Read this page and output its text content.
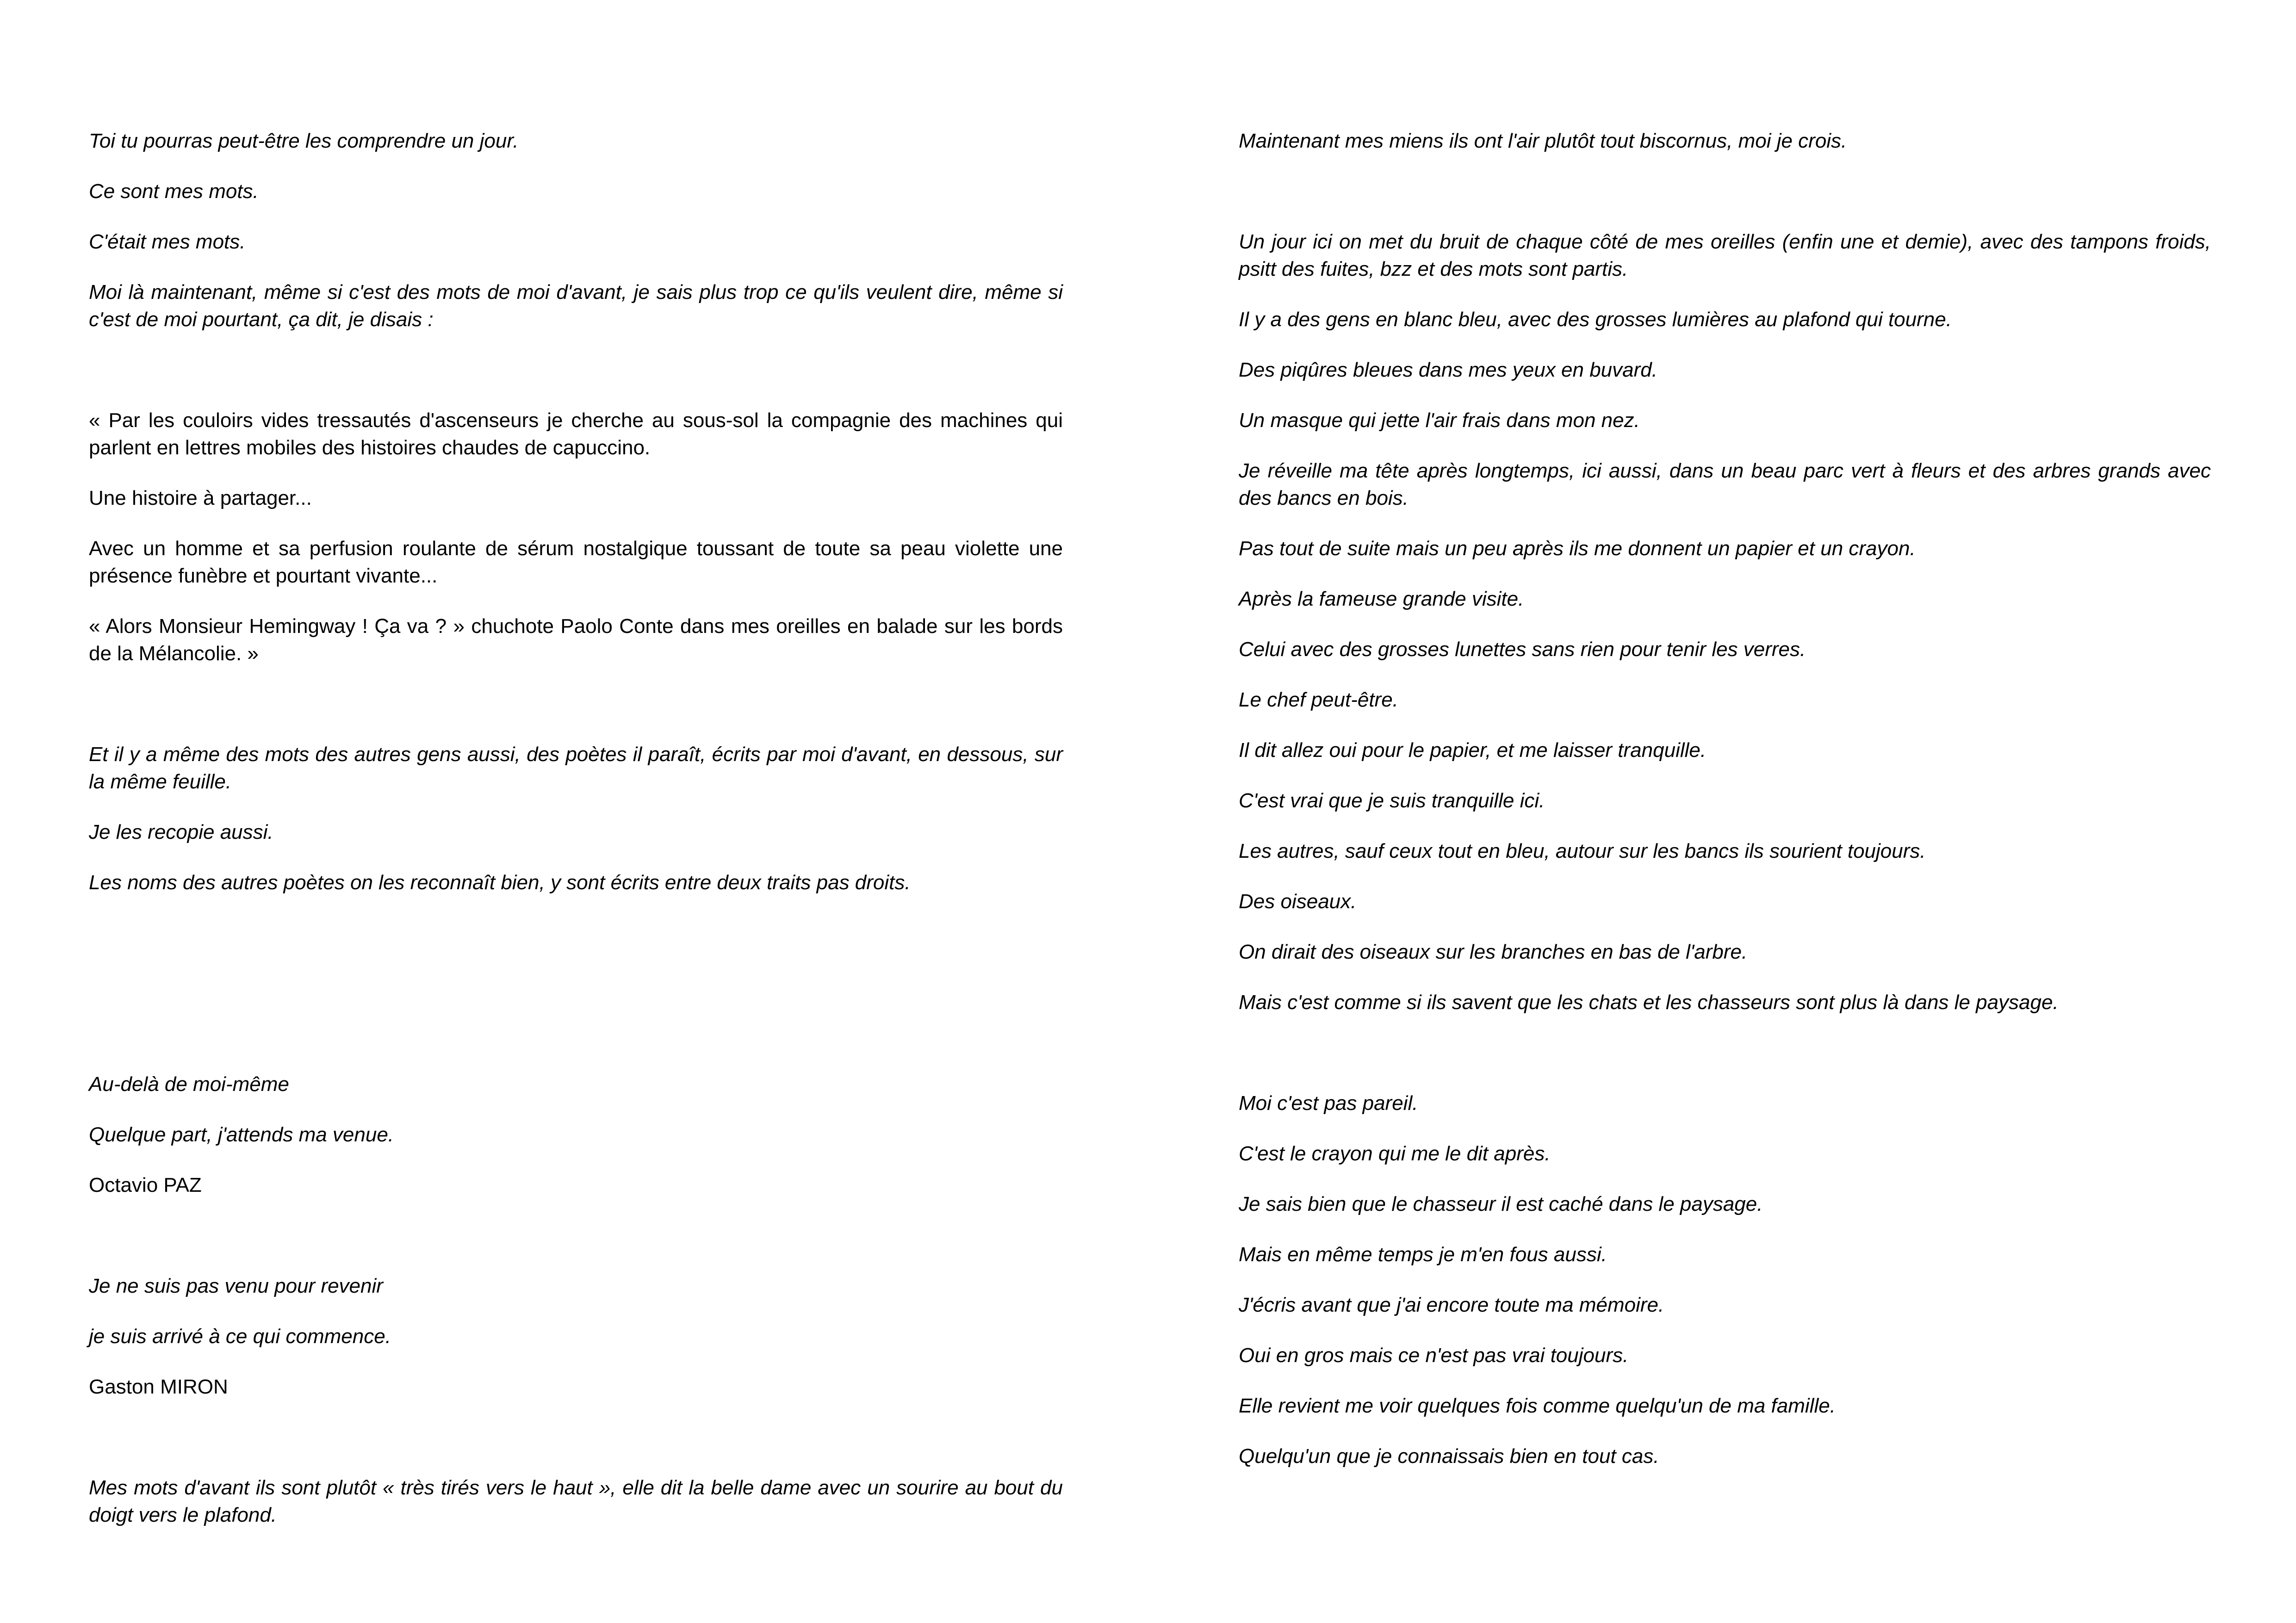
Toi tu pourras peut-être les comprendre un jour.

Ce sont mes mots.

C'était mes mots.

Moi là maintenant, même si c'est des mots de moi d'avant, je sais plus trop ce qu'ils veulent dire, même si c'est de moi pourtant, ça dit, je disais :

« Par les couloirs vides tressautés d'ascenseurs je cherche au sous-sol la compagnie des machines qui parlent en lettres mobiles des histoires chaudes de capuccino.

Une histoire à partager...

Avec un homme et sa perfusion roulante de sérum nostalgique toussant de toute sa peau violette une présence funèbre et pourtant vivante...

« Alors Monsieur Hemingway ! Ça va ? » chuchote Paolo Conte dans mes oreilles en balade sur les bords de la Mélancolie. »

Et il y a même des mots des autres gens aussi, des poètes il paraît, écrits par moi d'avant, en dessous, sur la même feuille.

Je les recopie aussi.

Les noms des autres poètes on les reconnaît bien, y sont écrits entre deux traits pas droits.

Au-delà de moi-même

Quelque part, j'attends ma venue.

Octavio PAZ

Je ne suis pas venu pour revenir

je suis arrivé à ce qui commence.

Gaston MIRON

Mes mots d'avant ils sont plutôt « très tirés vers le haut », elle dit la belle dame avec un sourire au bout du doigt vers le plafond.

Maintenant mes miens ils ont l'air plutôt tout biscornus, moi je crois.

Un jour ici on met du bruit de chaque côté de mes oreilles (enfin une et demie), avec des tampons froids, psitt des fuites, bzz et des mots sont partis.

Il y a des gens en blanc bleu, avec des grosses lumières au plafond qui tourne.

Des piqûres bleues dans mes yeux en buvard.

Un masque qui jette l'air frais dans mon nez.

Je réveille ma tête après longtemps, ici aussi, dans un beau parc vert à fleurs et des arbres grands avec des bancs en bois.

Pas tout de suite mais un peu après ils me donnent un papier et un crayon.

Après la fameuse grande visite.

Celui avec des grosses lunettes sans rien pour tenir les verres.

Le chef peut-être.

Il dit allez oui pour le papier, et me laisser tranquille.

C'est vrai que je suis tranquille ici.

Les autres, sauf ceux tout en bleu, autour sur les bancs ils sourient toujours.

Des oiseaux.

On dirait des oiseaux sur les branches en bas de l'arbre.

Mais c'est comme si ils savent que les chats et les chasseurs sont plus là dans le paysage.

Moi c'est pas pareil.

C'est le crayon qui me le dit après.

Je sais bien que le chasseur il est caché dans le paysage.

Mais en même temps je m'en fous aussi.

J'écris avant que j'ai encore toute ma mémoire.

Oui en gros mais ce n'est pas vrai toujours.

Elle revient me voir quelques fois comme quelqu'un de ma famille.

Quelqu'un que je connaissais bien en tout cas.
